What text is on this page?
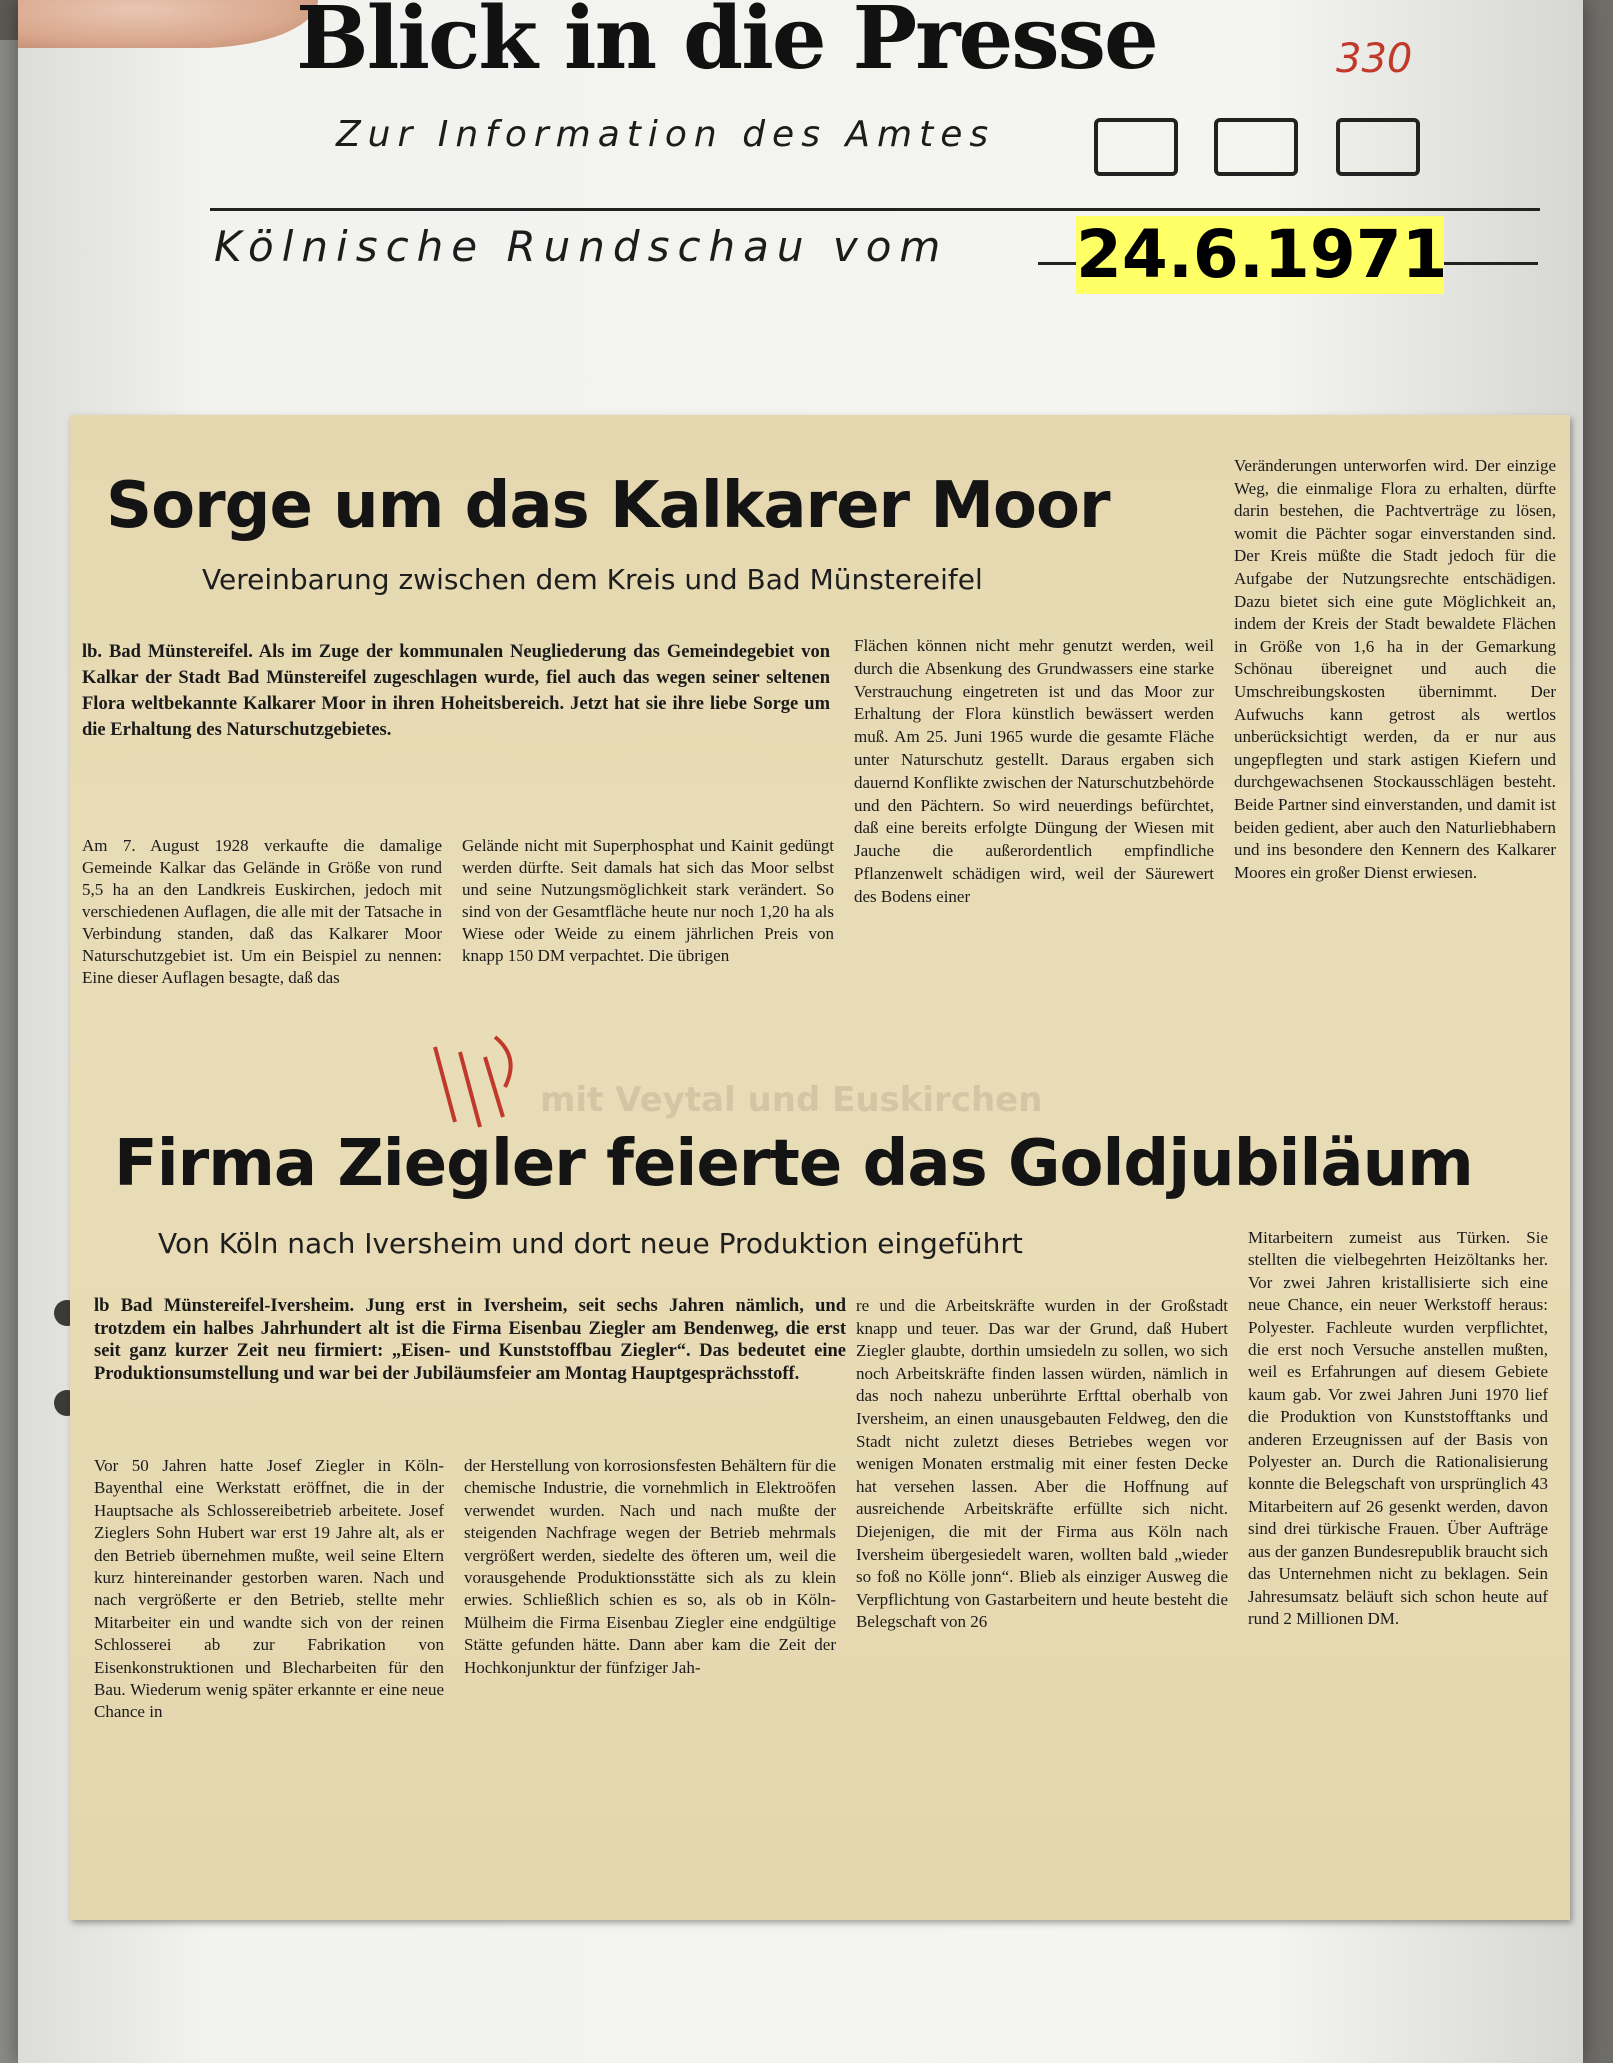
Blick in die Presse
Zur Information des Amtes
330
Kölnische Rundschau vom 24.6.1971
Sorge um das Kalkarer Moor
Vereinbarung zwischen dem Kreis und Bad Münstereifel

lb. Bad Münstereifel. Als im Zuge der kommunalen Neugliederung das Gemeindegebiet von Kalkar der Stadt Bad Münstereifel zugeschlagen wurde, fiel auch das wegen seiner seltenen Flora weltbekannte Kalkarer Moor in ihren Hoheitsbereich. Jetzt hat sie ihre liebe Sorge um die Erhaltung des Naturschutzgebietes.

Am 7. August 1928 verkaufte die damalige Gemeinde Kalkar das Gelände in Größe von rund 5,5 ha an den Landkreis Euskirchen, jedoch mit verschiedenen Auflagen, die alle mit der Tatsache in Verbindung standen, daß das Kalkarer Moor Naturschutzgebiet ist. Um ein Beispiel zu nennen: Eine dieser Auflagen besagte, daß das

Gelände nicht mit Superphosphat und Kainit gedüngt werden dürfte. Seit damals hat sich das Moor selbst und seine Nutzungsmöglichkeit stark verändert. So sind von der Gesamtfläche heute nur noch 1,20 ha als Wiese oder Weide zu einem jährlichen Preis von knapp 150 DM verpachtet. Die übrigen

Flächen können nicht mehr genutzt werden, weil durch die Absenkung des Grundwassers eine starke Verstrauchung eingetreten ist und das Moor zur Erhaltung der Flora künstlich bewässert werden muß. Am 25. Juni 1965 wurde die gesamte Fläche unter Naturschutz gestellt. Daraus ergaben sich dauernd Konflikte zwischen der Naturschutzbehörde und den Pächtern. So wird neuerdings befürchtet, daß eine bereits erfolgte Düngung der Wiesen mit Jauche die außerordentlich empfindliche Pflanzenwelt schädigen wird, weil der Säurewert des Bodens einer

Veränderungen unterworfen wird. Der einzige Weg, die einmalige Flora zu erhalten, dürfte darin bestehen, die Pachtverträge zu lösen, womit die Pächter sogar einverstanden sind. Der Kreis müßte die Stadt jedoch für die Aufgabe der Nutzungsrechte entschädigen. Dazu bietet sich eine gute Möglichkeit an, indem der Kreis der Stadt bewaldete Flächen in Größe von 1,6 ha in der Gemarkung Schönau übereignet und auch die Umschreibungskosten übernimmt. Der Aufwuchs kann getrost als wertlos unberücksichtigt werden, da er nur aus ungepflegten und stark astigen Kiefern und durchgewachsenen Stockausschlägen besteht. Beide Partner sind einverstanden, und damit ist beiden gedient, aber auch den Naturliebhabern und ins besondere den Kennern des Kalkarer Moores ein großer Dienst erwiesen.

mit Veytal und Euskirchen
Firma Ziegler feierte das Goldjubiläum
Von Köln nach Iversheim und dort neue Produktion eingeführt

lb Bad Münstereifel-Iversheim. Jung erst in Iversheim, seit sechs Jahren nämlich, und trotzdem ein halbes Jahrhundert alt ist die Firma Eisenbau Ziegler am Bendenweg, die erst seit ganz kurzer Zeit neu firmiert: „Eisen- und Kunststoffbau Ziegler“. Das bedeutet eine Produktionsumstellung und war bei der Jubiläumsfeier am Montag Hauptgesprächsstoff.

Vor 50 Jahren hatte Josef Ziegler in Köln-Bayenthal eine Werkstatt eröffnet, die in der Hauptsache als Schlossereibetrieb arbeitete. Josef Zieglers Sohn Hubert war erst 19 Jahre alt, als er den Betrieb übernehmen mußte, weil seine Eltern kurz hintereinander gestorben waren. Nach und nach vergrößerte er den Betrieb, stellte mehr Mitarbeiter ein und wandte sich von der reinen Schlosserei ab zur Fabrikation von Eisenkonstruktionen und Blecharbeiten für den Bau. Wiederum wenig später erkannte er eine neue Chance in

der Herstellung von korrosionsfesten Behältern für die chemische Industrie, die vornehmlich in Elektroöfen verwendet wurden. Nach und nach mußte der steigenden Nachfrage wegen der Betrieb mehrmals vergrößert werden, siedelte des öfteren um, weil die vorausgehende Produktionsstätte sich als zu klein erwies. Schließlich schien es so, als ob in Köln-Mülheim die Firma Eisenbau Ziegler eine endgültige Stätte gefunden hätte. Dann aber kam die Zeit der Hochkonjunktur der fünfziger Jah-

re und die Arbeitskräfte wurden in der Großstadt knapp und teuer. Das war der Grund, daß Hubert Ziegler glaubte, dorthin umsiedeln zu sollen, wo sich noch Arbeitskräfte finden lassen würden, nämlich in das noch nahezu unberührte Erfttal oberhalb von Iversheim, an einen unausgebauten Feldweg, den die Stadt nicht zuletzt dieses Betriebes wegen vor wenigen Monaten erstmalig mit einer festen Decke hat versehen lassen. Aber die Hoffnung auf ausreichende Arbeitskräfte erfüllte sich nicht. Diejenigen, die mit der Firma aus Köln nach Iversheim übergesiedelt waren, wollten bald „wieder so foß no Kölle jonn“. Blieb als einziger Ausweg die Verpflichtung von Gastarbeitern und heute besteht die Belegschaft von 26

Mitarbeitern zumeist aus Türken. Sie stellten die vielbegehrten Heizöltanks her. Vor zwei Jahren kristallisierte sich eine neue Chance, ein neuer Werkstoff heraus: Polyester. Fachleute wurden verpflichtet, die erst noch Versuche anstellen mußten, weil es Erfahrungen auf diesem Gebiete kaum gab. Vor zwei Jahren Juni 1970 lief die Produktion von Kunststofftanks und anderen Erzeugnissen auf der Basis von Polyester an. Durch die Rationalisierung konnte die Belegschaft von ursprünglich 43 Mitarbeitern auf 26 gesenkt werden, davon sind drei türkische Frauen. Über Aufträge aus der ganzen Bundesrepublik braucht sich das Unternehmen nicht zu beklagen. Sein Jahresumsatz beläuft sich schon heute auf rund 2 Millionen DM.
